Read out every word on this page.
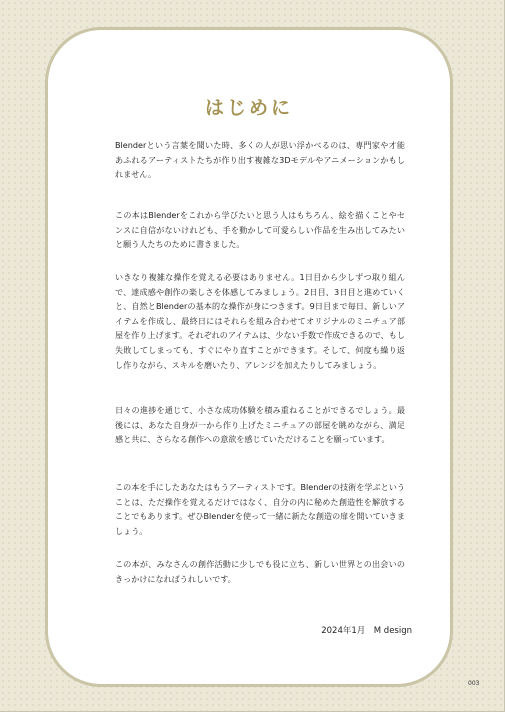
はじめに

Blenderという言葉を聞いた時、多くの人が思い浮かべるのは、専門家や才能あふれるアーティストたちが作り出す複雑な3Dモデルやアニメーションかもしれません。

この本はBlenderをこれから学びたいと思う人はもちろん、絵を描くことやセンスに自信がないけれども、手を動かして可愛らしい作品を生み出してみたいと願う人たちのために書きました。

いきなり複雑な操作を覚える必要はありません。1日目から少しずつ取り組んで、達成感や創作の楽しさを体感してみましょう。2日目、3日目と進めていくと、自然とBlenderの基本的な操作が身につきます。9日目まで毎日、新しいアイテムを作成し、最終日にはそれらを組み合わせてオリジナルのミニチュア部屋を作り上げます。それぞれのアイテムは、少ない手数で作成できるので、もし失敗してしまっても、すぐにやり直すことができます。そして、何度も繰り返し作りながら、スキルを磨いたり、アレンジを加えたりしてみましょう。

日々の進捗を通じて、小さな成功体験を積み重ねることができるでしょう。最後には、あなた自身が一から作り上げたミニチュアの部屋を眺めながら、満足感と共に、さらなる創作への意欲を感じていただけることを願っています。

この本を手にしたあなたはもうアーティストです。Blenderの技術を学ぶということは、ただ操作を覚えるだけではなく、自分の内に秘めた創造性を解放することでもあります。ぜひBlenderを使って一緒に新たな創造の扉を開いていきましょう。

この本が、みなさんの創作活動に少しでも役に立ち、新しい世界との出会いのきっかけになればうれしいです。

2024年1月　M design
003
